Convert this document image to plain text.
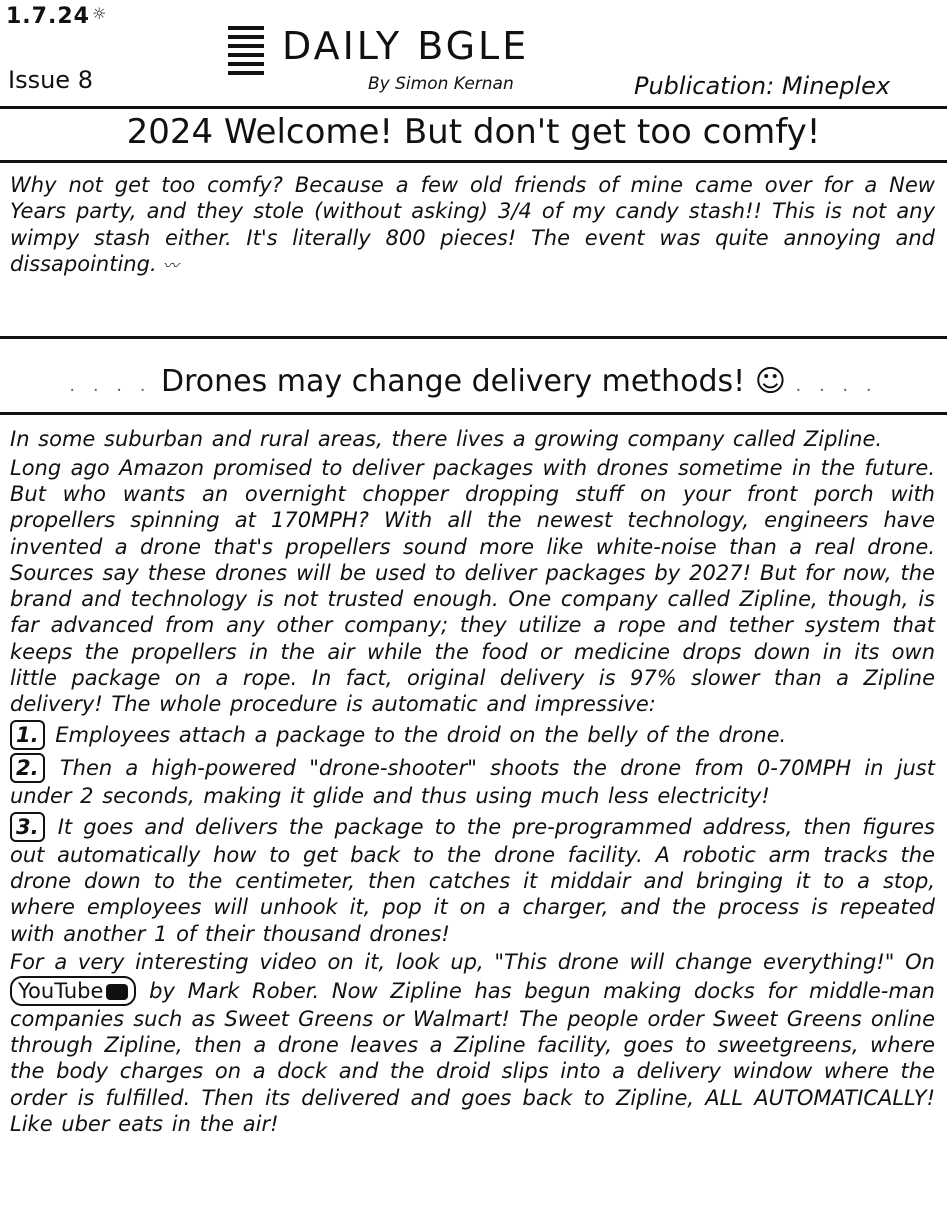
1.7.24 ☼
Issue 8
DAILY BGLE
By Simon Kernan	Publication: Mineplex
2024 Welcome! But don't get too comfy!
Why not get too comfy? Because a few old friends of mine came over for a New Years party, and they stole (without asking) 3/4 of my candy stash!! This is not any wimpy stash either. It's literally 800 pieces! The event was quite annoying and dissapointing. 〰
. . . . Drones may change delivery methods! ☺ . . . .
In some suburban and rural areas, there lives a growing company called Zipline.
Long ago Amazon promised to deliver packages with drones sometime in the future. But who wants an overnight chopper dropping stuff on your front porch with propellers spinning at 170MPH? With all the newest technology, engineers have invented a drone that's propellers sound more like white-noise than a real drone. Sources say these drones will be used to deliver packages by 2027! But for now, the brand and technology is not trusted enough. One company called Zipline, though, is far advanced from any other company; they utilize a rope and tether system that keeps the propellers in the air while the food or medicine drops down in its own little package on a rope. In fact, original delivery is 97% slower than a Zipline delivery! The whole procedure is automatic and impressive:
1. Employees attach a package to the droid on the belly of the drone.
2. Then a high-powered "drone-shooter" shoots the drone from 0-70MPH in just under 2 seconds, making it glide and thus using much less electricity!
3. It goes and delivers the package to the pre-programmed address, then figures out automatically how to get back to the drone facility. A robotic arm tracks the drone down to the centimeter, then catches it middair and bringing it to a stop, where employees will unhook it, pop it on a charger, and the process is repeated with another 1 of their thousand drones!
For a very interesting video on it, look up, "This drone will change everything!" On YouTube by Mark Rober. Now Zipline has begun making docks for middle-man companies such as Sweet Greens or Walmart! The people order Sweet Greens online through Zipline, then a drone leaves a Zipline facility, goes to sweetgreens, where the body charges on a dock and the droid slips into a delivery window where the order is fulfilled. Then its delivered and goes back to Zipline, ALL AUTOMATICALLY! Like uber eats in the air!
